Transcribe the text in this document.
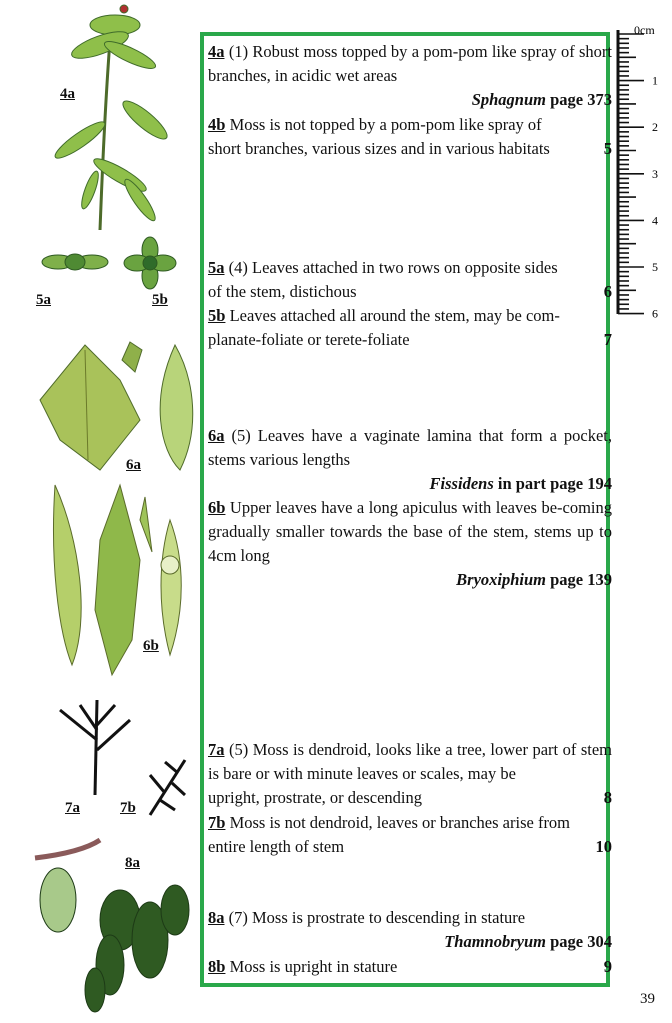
4a
5a	5b
6a
6b
7a	7b
8a
4a (1) Robust moss topped by a pom-pom like spray of short branches, in acidic wet areas
Sphagnum page 373
4b Moss is not topped by a pom-pom like spray of
short branches, various sizes and in various habitats	5
5a (4) Leaves attached in two rows on opposite sides
of the stem, distichous	6
5b Leaves attached all around the stem, may be com-
planate-foliate or terete-foliate	7
6a (5) Leaves have a vaginate lamina that form a pocket, stems various lengths
Fissidens in part page 194
6b Upper leaves have a long apiculus with leaves be-coming gradually smaller towards the base of the stem, stems up to 4cm long
Bryoxiphium page 139
7a (5) Moss is dendroid, looks like a tree, lower part of stem is bare or with minute leaves or scales, may be
upright, prostrate, or descending	8
7b Moss is not dendroid, leaves or branches arise from
entire length of stem	10
8a (7) Moss is prostrate to descending in stature
Thamnobryum page 304
8b Moss is upright in stature	9
0cm
1
2
3
4
5
6
39
